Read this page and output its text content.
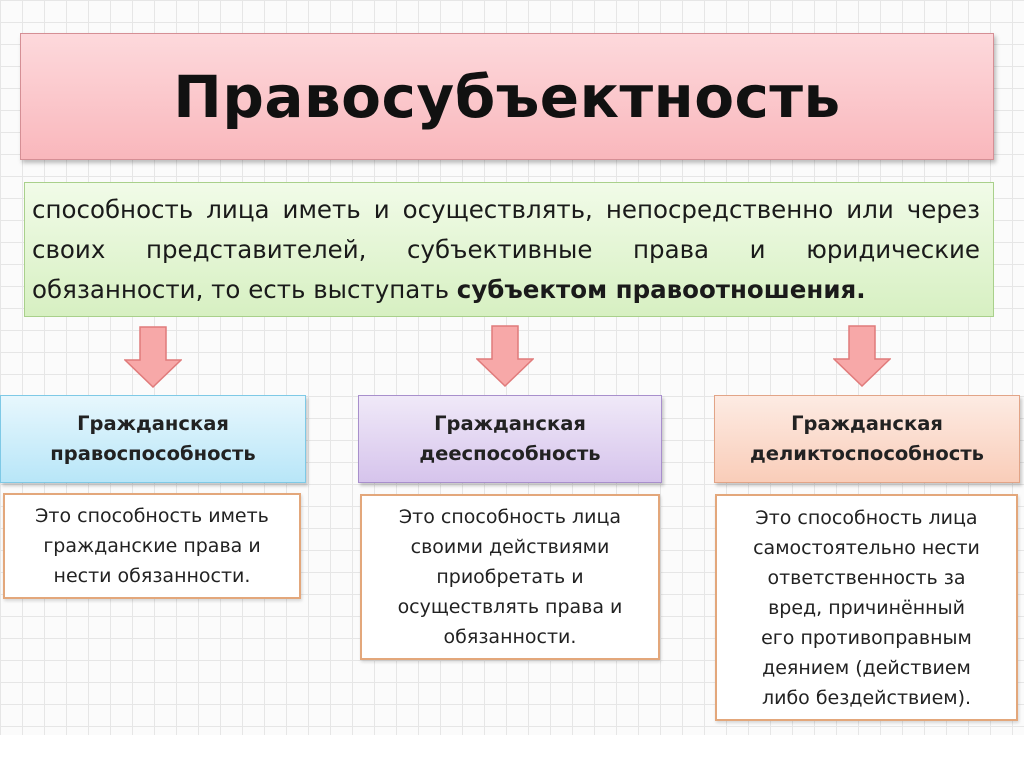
Правосубъектность
способность лица иметь и осуществлять, непосредственно или через своих представителей, субъективные права и юридические обязанности, то есть выступать субъектом правоотношения.
Гражданская
правоспособность
Гражданская
дееспособность
Гражданская
деликтоспособность
Это способность иметь
гражданские права и
нести обязанности.
Это способность лица
своими действиями
приобретать и
осуществлять права и
обязанности.
Это способность лица
самостоятельно нести
ответственность за
вред, причинённый
его противоправным
деянием (действием
либо бездействием).
